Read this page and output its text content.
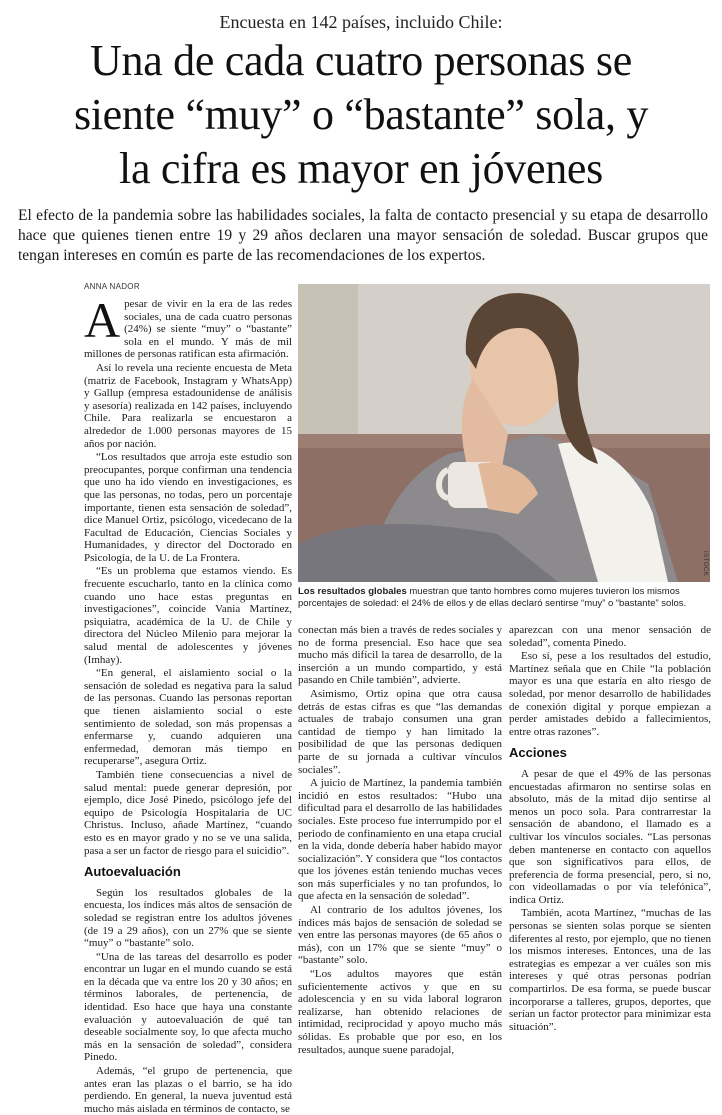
Encuesta en 142 países, incluido Chile:
Una de cada cuatro personas se
siente “muy” o “bastante” sola, y
la cifra es mayor en jóvenes
El efecto de la pandemia sobre las habilidades sociales, la falta de contacto presencial y su etapa de desarrollo hace que quienes tienen entre 19 y 29 años declaren una mayor sensación de soledad. Buscar grupos que tengan intereses en común es parte de las recomendaciones de los expertos.
ANNA NADOR

Apesar de vivir en la era de las redes sociales, una de cada cuatro personas (24%) se siente “muy” o “bastante” sola en el mundo. Y más de mil millones de personas ratifican esta afirmación.

Así lo revela una reciente encuesta de Meta (matriz de Facebook, Instagram y WhatsApp) y Gallup (empresa estadounidense de análisis y asesoría) realizada en 142 países, incluyendo Chile. Para realizarla se encuestaron a alrededor de 1.000 personas mayores de 15 años por nación.

“Los resultados que arroja este estudio son preocupantes, porque confirman una tendencia que uno ha ido viendo en investigaciones, es que las personas, no todas, pero un porcentaje importante, tienen esta sensación de soledad”, dice Manuel Ortiz, psicólogo, vicedecano de la Facultad de Educación, Ciencias Sociales y Humanidades, y director del Doctorado en Psicología, de la U. de La Frontera.

“Es un problema que estamos viendo. Es frecuente escucharlo, tanto en la clínica como cuando uno hace estas preguntas en investigaciones”, coincide Vania Martínez, psiquiatra, académica de la U. de Chile y directora del Núcleo Milenio para mejorar la salud mental de adolescentes y jóvenes (Imhay).

“En general, el aislamiento social o la sensación de soledad es negativa para la salud de las personas. Cuando las personas reportan que tienen aislamiento social o este sentimiento de soledad, son más propensas a enfermarse y, cuando adquieren una enfermedad, demoran más tiempo en recuperarse”, asegura Ortiz.

También tiene consecuencias a nivel de salud mental: puede generar depresión, por ejemplo, dice José Pinedo, psicólogo jefe del equipo de Psicología Hospitalaria de UC Christus. Incluso, añade Martínez, “cuando esto es en mayor grado y no se ve una salida, pasa a ser un factor de riesgo para el suicidio”.

Autoevaluación

Según los resultados globales de la encuesta, los índices más altos de sensación de soledad se registran entre los adultos jóvenes (de 19 a 29 años), con un 27% que se siente “muy” o “bastante” solo.

“Una de las tareas del desarrollo es poder encontrar un lugar en el mundo cuando se está en la década que va entre los 20 y 30 años; en términos laborales, de pertenencia, de identidad. Eso hace que haya una constante evaluación y autoevaluación de qué tan deseable socialmente soy, lo que afecta mucho más en la sensación de soledad”, considera Pinedo.

Además, “el grupo de pertenencia, que antes eran las plazas o el barrio, se ha ido perdiendo. En general, la nueva juventud está mucho más aislada en términos de contacto, se

ISTOCK
Los resultados globales muestran que tanto hombres como mujeres tuvieron los mismos porcentajes de soledad: el 24% de ellos y de ellas declaró sentirse “muy” o “bastante” solos.

conectan más bien a través de redes sociales y no de forma presencial. Eso hace que sea mucho más difícil la tarea de desarrollo, de la inserción a un mundo compartido, y está pasando en Chile también”, advierte.

Asimismo, Ortiz opina que otra causa detrás de estas cifras es que “las demandas actuales de trabajo consumen una gran cantidad de tiempo y han limitado la posibilidad de que las personas dediquen parte de su jornada a cultivar vínculos sociales”.

A juicio de Martínez, la pandemia también incidió en estos resultados: “Hubo una dificultad para el desarrollo de las habilidades sociales. Este proceso fue interrumpido por el periodo de confinamiento en una etapa crucial en la vida, donde debería haber habido mayor socialización”. Y considera que “los contactos que los jóvenes están teniendo muchas veces son más superficiales y no tan profundos, lo que afecta en la sensación de soledad”.

Al contrario de los adultos jóvenes, los índices más bajos de sensación de soledad se ven entre las personas mayores (de 65 años o más), con un 17% que se siente “muy” o “bastante” solo.

“Los adultos mayores que están suficientemente activos y que en su adolescencia y en su vida laboral lograron realizarse, han obtenido relaciones de intimidad, reciprocidad y apoyo mucho más sólidas. Es probable que por eso, en los resultados, aunque suene paradojal,

aparezcan con una menor sensación de soledad”, comenta Pinedo.

Eso sí, pese a los resultados del estudio, Martínez señala que en Chile “la población mayor es una que estaría en alto riesgo de soledad, por menor desarrollo de habilidades de conexión digital y porque empiezan a perder amistades debido a fallecimientos, entre otras razones”.

Acciones

A pesar de que el 49% de las personas encuestadas afirmaron no sentirse solas en absoluto, más de la mitad dijo sentirse al menos un poco sola. Para contrarrestar la sensación de abandono, el llamado es a cultivar los vínculos sociales. “Las personas deben mantenerse en contacto con aquellos que son significativos para ellos, de preferencia de forma presencial, pero, si no, con videollamadas o por vía telefónica”, indica Ortiz.

También, acota Martínez, “muchas de las personas se sienten solas porque se sienten diferentes al resto, por ejemplo, que no tienen los mismos intereses. Entonces, una de las estrategias es empezar a ver cuáles son mis intereses y qué otras personas podrían compartirlos. De esa forma, se puede buscar incorporarse a talleres, grupos, deportes, que serían un factor protector para minimizar esta situación”.
